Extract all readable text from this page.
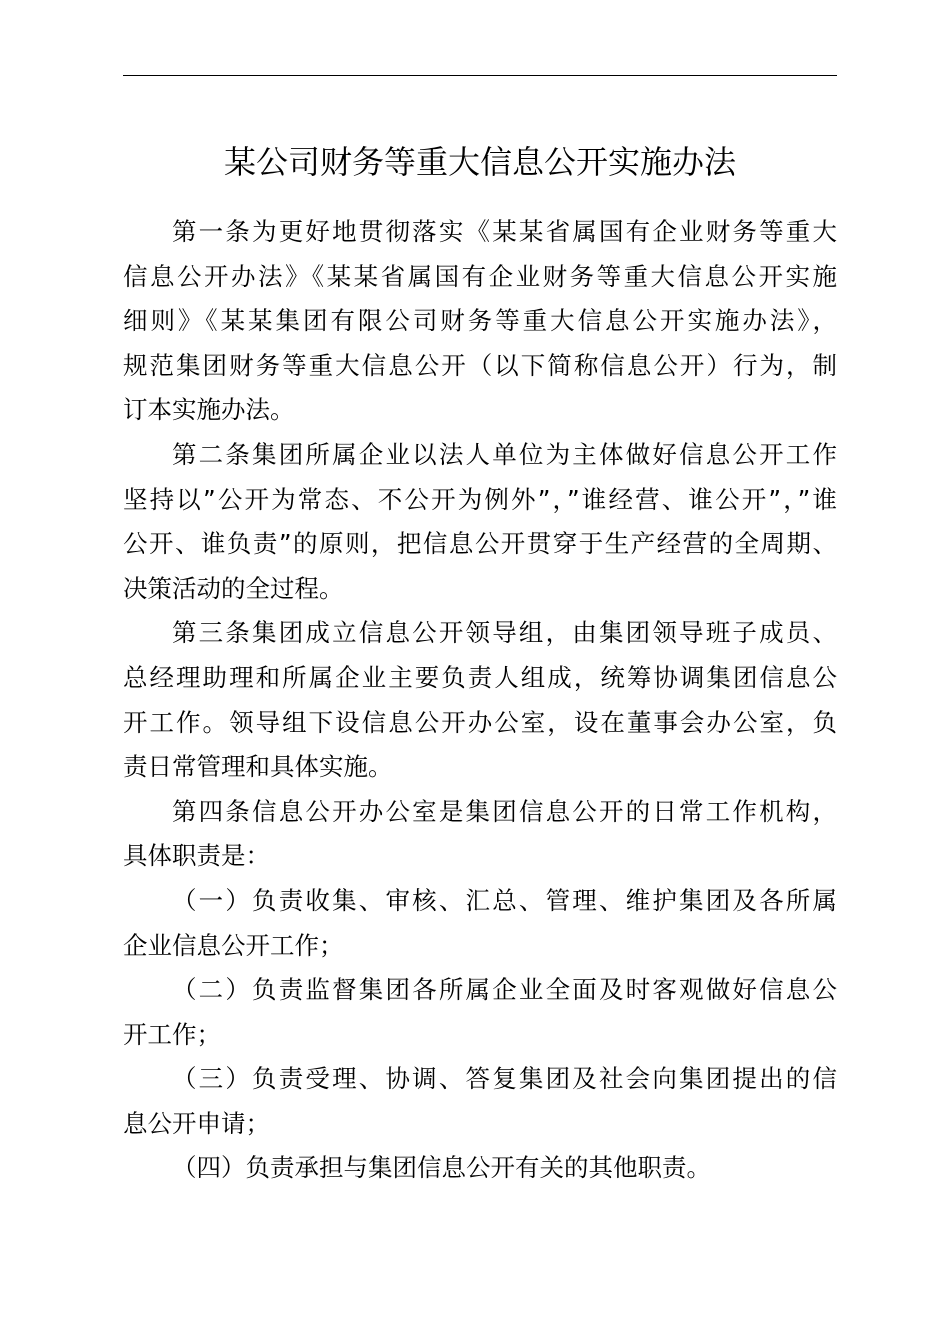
某公司财务等重大信息公开实施办法
第一条为更好地贯彻落实《某某省属国有企业财务等重大
信息公开办法》《某某省属国有企业财务等重大信息公开实施
细则》《某某集团有限公司财务等重大信息公开实施办法》，
规范集团财务等重大信息公开（以下简称信息公开）行为，制
订本实施办法。
第二条集团所属企业以法人单位为主体做好信息公开工作
坚持以”公开为常态、不公开为例外”，”谁经营、谁公开”，”谁
公开、谁负责”的原则，把信息公开贯穿于生产经营的全周期、
决策活动的全过程。
第三条集团成立信息公开领导组，由集团领导班子成员、
总经理助理和所属企业主要负责人组成，统筹协调集团信息公
开工作。领导组下设信息公开办公室，设在董事会办公室，负
责日常管理和具体实施。
第四条信息公开办公室是集团信息公开的日常工作机构，
具体职责是：
（一）负责收集、审核、汇总、管理、维护集团及各所属
企业信息公开工作；
（二）负责监督集团各所属企业全面及时客观做好信息公
开工作；
（三）负责受理、协调、答复集团及社会向集团提出的信
息公开申请；
（四）负责承担与集团信息公开有关的其他职责。
